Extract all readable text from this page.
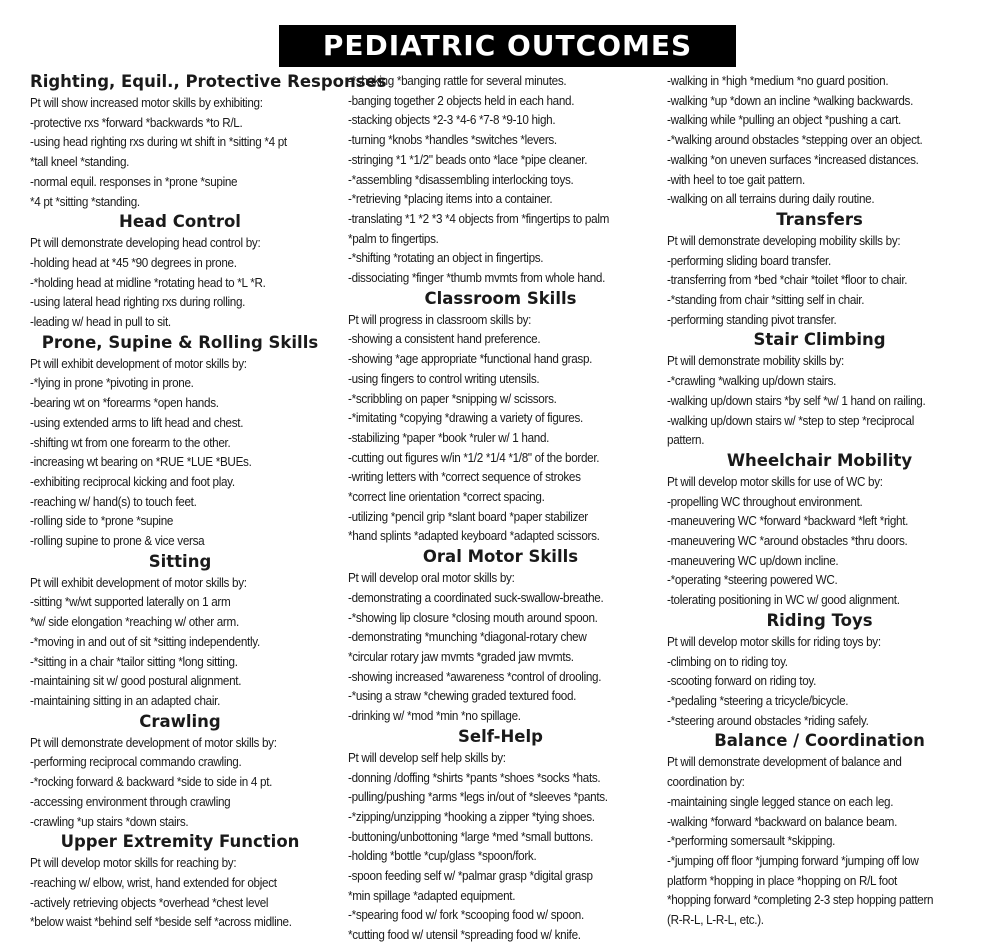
PEDIATRIC OUTCOMES
Righting, Equil., Protective Responses
Pt will show increased motor skills by exhibiting:
-protective rxs *forward *backwards *to R/L.
-using head righting rxs during wt shift in *sitting *4 pt
*tall kneel *standing.
-normal equil. responses in *prone *supine
*4 pt *sitting *standing.
Head Control
Pt will demonstrate developing head control by:
-holding head at *45 *90 degrees in prone.
-*holding head at midline *rotating head to *L *R.
-using lateral head righting rxs during rolling.
-leading w/ head in pull to sit.
Prone, Supine & Rolling Skills
Pt will exhibit development of motor skills by:
-*lying in prone *pivoting in prone.
-bearing wt on *forearms *open hands.
-using extended arms to lift head and chest.
-shifting wt from one forearm to the other.
-increasing wt bearing on *RUE *LUE *BUEs.
-exhibiting reciprocal kicking and foot play.
-reaching w/ hand(s) to touch feet.
-rolling side to *prone *supine
-rolling supine to prone & vice versa
Sitting
Pt will exhibit development of motor skills by:
-sitting *w/wt supported laterally on 1 arm
*w/ side elongation *reaching w/ other arm.
-*moving in and out of sit *sitting independently.
-*sitting in a chair *tailor sitting *long sitting.
-maintaining sit w/ good postural alignment.
-maintaining sitting in an adapted chair.
Crawling
Pt will demonstrate development of motor skills by:
-performing reciprocal commando crawling.
-*rocking forward & backward *side to side in 4 pt.
-accessing environment through crawling
-crawling *up stairs *down stairs.
Upper Extremity Function
Pt will develop motor skills for reaching by:
-reaching w/ elbow, wrist, hand extended for object
-actively retrieving objects *overhead *chest level
*below waist *behind self *beside self *across midline.
-*shaking *banging rattle for several minutes.
-banging together 2 objects held in each hand.
-stacking objects *2-3 *4-6 *7-8 *9-10 high.
-turning *knobs *handles *switches *levers.
-stringing *1 *1/2" beads onto *lace *pipe cleaner.
-*assembling *disassembling interlocking toys.
-*retrieving *placing items into a container.
-translating *1 *2 *3 *4 objects from *fingertips to palm
*palm to fingertips.
-*shifting *rotating an object in fingertips.
-dissociating *finger *thumb mvmts from whole hand.
Classroom Skills
Pt will progress in classroom skills by:
-showing a consistent hand preference.
-showing *age appropriate *functional hand grasp.
-using fingers to control writing utensils.
-*scribbling on paper *snipping w/ scissors.
-*imitating *copying *drawing a variety of figures.
-stabilizing *paper *book *ruler w/ 1 hand.
-cutting out figures w/in *1/2 *1/4 *1/8" of the border.
-writing letters with *correct sequence of strokes
*correct line orientation *correct spacing.
-utilizing *pencil grip *slant board *paper stabilizer
*hand splints *adapted keyboard *adapted scissors.
Oral Motor Skills
Pt will develop oral motor skills by:
-demonstrating a coordinated suck-swallow-breathe.
-*showing lip closure *closing mouth around spoon.
-demonstrating *munching *diagonal-rotary chew
*circular rotary jaw mvmts *graded jaw mvmts.
-showing increased *awareness *control of drooling.
-*using a straw *chewing graded textured food.
-drinking w/ *mod *min *no spillage.
Self-Help
Pt will develop self help skills by:
-donning /doffing *shirts *pants *shoes *socks *hats.
-pulling/pushing *arms *legs in/out of *sleeves *pants.
-*zipping/unzipping *hooking a zipper *tying shoes.
-buttoning/unbottoning *large *med *small buttons.
-holding *bottle *cup/glass *spoon/fork.
-spoon feeding self w/ *palmar grasp *digital grasp
*min spillage *adapted equipment.
-*spearing food w/ fork *scooping food w/ spoon.
*cutting food w/ utensil *spreading food w/ knife.
-walking in *high *medium *no guard position.
-walking *up *down an incline *walking backwards.
-walking while *pulling an object *pushing a cart.
-*walking around obstacles *stepping over an object.
-walking *on uneven surfaces *increased distances.
-with heel to toe gait pattern.
-walking on all terrains during daily routine.
Transfers
Pt will demonstrate developing mobility skills by:
-performing sliding board transfer.
-transferring from *bed *chair *toilet *floor to chair.
-*standing from chair *sitting self in chair.
-performing standing pivot transfer.
Stair Climbing
Pt will demonstrate mobility skills by:
-*crawling *walking up/down stairs.
-walking up/down stairs *by self *w/ 1 hand on railing.
-walking up/down stairs w/ *step to step *reciprocal
pattern.
Wheelchair Mobility
Pt will develop motor skills for use of WC by:
-propelling WC throughout environment.
-maneuvering WC *forward *backward *left *right.
-maneuvering WC *around obstacles *thru doors.
-maneuvering WC up/down incline.
-*operating *steering powered WC.
-tolerating positioning in WC w/ good alignment.
Riding Toys
Pt will develop motor skills for riding toys by:
-climbing on to riding toy.
-scooting forward on riding toy.
-*pedaling *steering a tricycle/bicycle.
-*steering around obstacles *riding safely.
Balance / Coordination
Pt will demonstrate development of balance and
coordination by:
-maintaining single legged stance on each leg.
-walking *forward *backward on balance beam.
-*performing somersault *skipping.
-*jumping off floor *jumping forward *jumping off low
platform *hopping in place *hopping on R/L foot
*hopping forward *completing 2-3 step hopping pattern
(R-R-L, L-R-L, etc.).
